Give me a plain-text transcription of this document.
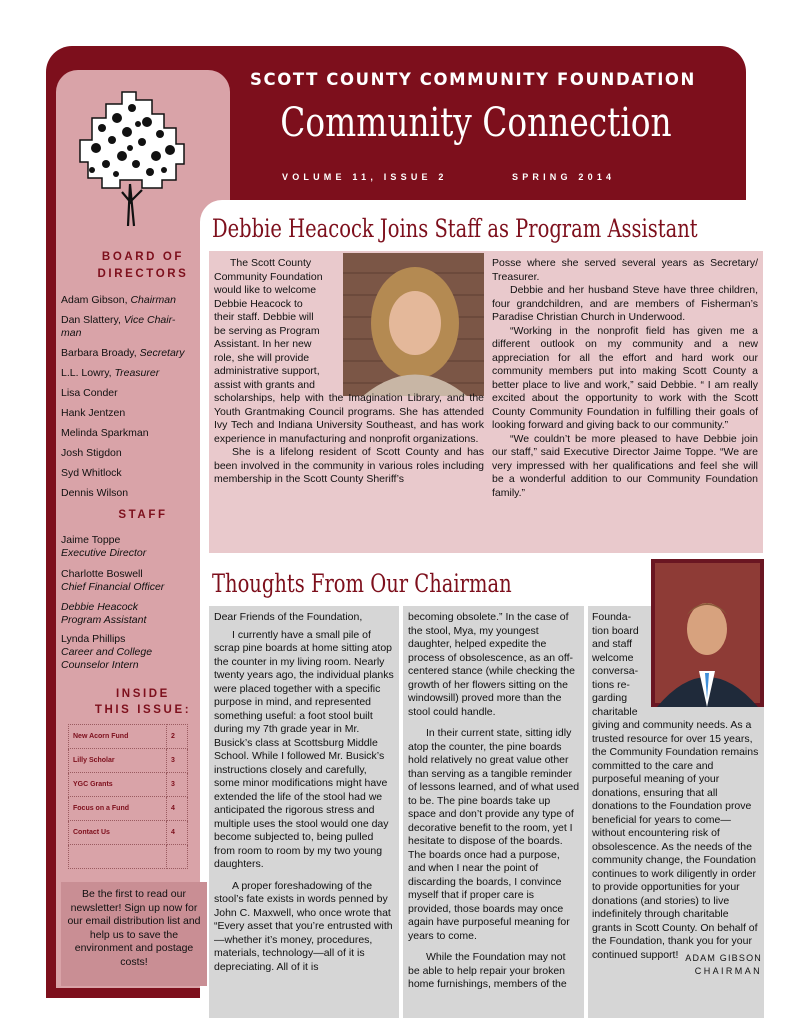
SCOTT COUNTY COMMUNITY FOUNDATION
Community Connection
VOLUME 11, ISSUE 2	SPRING 2014
BOARD OF
DIRECTORS
Adam Gibson, Chairman
Dan Slattery, Vice Chair-
man
Barbara Broady, Secretary
L.L. Lowry, Treasurer
Lisa Conder
Hank Jentzen
Melinda Sparkman
Josh Stigdon
Syd Whitlock
Dennis Wilson
STAFF
Jaime Toppe
Executive Director
Charlotte Boswell
Chief Financial Officer
Debbie Heacock
Program Assistant
Lynda Phillips
Career and College
Counselor Intern
INSIDE
THIS ISSUE:
New Acorn Fund	2
Lilly Scholar	3
YGC Grants	3
Focus on a Fund	4
Contact Us	4

Be the first to read our newsletter! Sign up now for our email distribution list and help us to save the environment and postage costs!
Debbie Heacock Joins Staff as Program Assistant
The Scott County
Community Foundation
would like to welcome
Debbie Heacock to
their staff. Debbie will
be serving as Program
Assistant. In her new
role, she will provide
administrative support,
assist with grants and

scholarships, help with the Imagination Library, and the Youth Grantmaking Council programs. She has attended Ivy Tech and Indiana University Southeast, and has work experience in manufacturing and nonprofit organizations.

She is a lifelong resident of Scott County and has been involved in the community in various roles including membership in the Scott County Sheriff’s

Posse where she served several years as Secretary/ Treasurer.

Debbie and her husband Steve have three children, four grandchildren, and are members of Fisherman’s Paradise Christian Church in Underwood.

“Working in the nonprofit field has given me a different outlook on my community and a new appreciation for all the effort and hard work our community members put into making Scott County a better place to live and work,” said Debbie. “ I am really excited about the opportunity to work with the Scott County Community Foundation in fulfilling their goals of looking forward and giving back to our community.”

“We couldn’t be more pleased to have Debbie join our staff,” said Executive Director Jaime Toppe. “We are very impressed with her qualifications and feel she will be a wonderful addition to our Community Foundation family.”

Thoughts From Our Chairman

Dear Friends of the Foundation,

I currently have a small pile of scrap pine boards at home sitting atop the counter in my living room. Nearly twenty years ago, the individual planks were placed together with a specific purpose in mind, and represented something useful: a foot stool built during my 7th grade year in Mr. Busick’s class at Scottsburg Middle School. While I followed Mr. Busick’s instructions closely and carefully, some minor modifications might have extended the life of the stool had we anticipated the rigorous stress and multiple uses the stool would one day become subjected to, being pulled from room to room by my two young daughters.

A proper foreshadowing of the stool’s fate exists in words penned by John C. Maxwell, who once wrote that “Every asset that you’re entrusted with—whether it’s money, procedures, materials, technology—all of it is depreciating. All of it is

becoming obsolete.” In the case of the stool, Mya, my youngest daughter, helped expedite the process of obsolescence, as an off-centered stance (while checking the growth of her flowers sitting on the windowsill) proved more than the stool could handle.

In their current state, sitting idly atop the counter, the pine boards hold relatively no great value other than serving as a tangible reminder of lessons learned, and of what used to be. The pine boards take up space and don’t provide any type of decorative benefit to the room, yet I hesitate to dispose of the boards. The boards once had a purpose, and when I near the point of discarding the boards, I convince myself that if proper care is provided, those boards may once again have purposeful meaning for years to come.

While the Foundation may not be able to help repair your broken home furnishings, members of the

Founda-
tion board
and staff
welcome
conversa-
tions re-
garding
charitable

giving and community needs. As a trusted resource for over 15 years, the Community Foundation remains committed to the care and purposeful meaning of your donations, ensuring that all donations to the Foundation prove beneficial for years to come—without encountering risk of obsolescence. As the needs of the community change, the Foundation continues to work diligently in order to provide opportunities for your donations (and stories) to live indefinitely through charitable grants in Scott County. On behalf of the Foundation, thank you for your continued support! ADAM GIBSON
CHAIRMAN
